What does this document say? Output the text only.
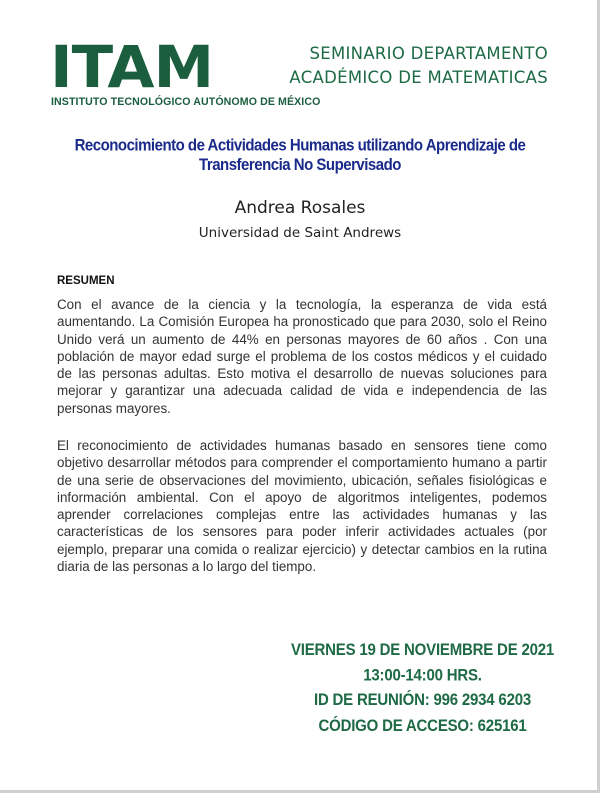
ITAM
INSTITUTO TECNOLÓGICO AUTÓNOMO DE MÉXICO
SEMINARIO DEPARTAMENTO
ACADÉMICO DE MATEMATICAS
Reconocimiento de Actividades Humanas utilizando Aprendizaje de Transferencia No Supervisado
Andrea Rosales
Universidad de Saint Andrews
RESUMEN

Con el avance de la ciencia y la tecnología, la esperanza de vida está aumentando. La Comisión Europea ha pronosticado que para 2030, solo el Reino Unido verá un aumento de 44% en personas mayores de 60 años . Con una población de mayor edad surge el problema de los costos médicos y el cuidado de las personas adultas. Esto motiva el desarrollo de nuevas soluciones para mejorar y garantizar una adecuada calidad de vida e independencia de las personas mayores.

El reconocimiento de actividades humanas basado en sensores tiene como objetivo desarrollar métodos para comprender el comportamiento humano a partir de una serie de observaciones del movimiento, ubicación, señales fisiológicas e información ambiental. Con el apoyo de algoritmos inteligentes, podemos aprender correlaciones complejas entre las actividades humanas y las características de los sensores para poder inferir actividades actuales (por ejemplo, preparar una comida o realizar ejercicio) y detectar cambios en la rutina diaria de las personas a lo largo del tiempo.

VIERNES 19 DE NOVIEMBRE DE 2021
13:00-14:00 HRS.
ID DE REUNIÓN: 996 2934 6203
CÓDIGO DE ACCESO: 625161
